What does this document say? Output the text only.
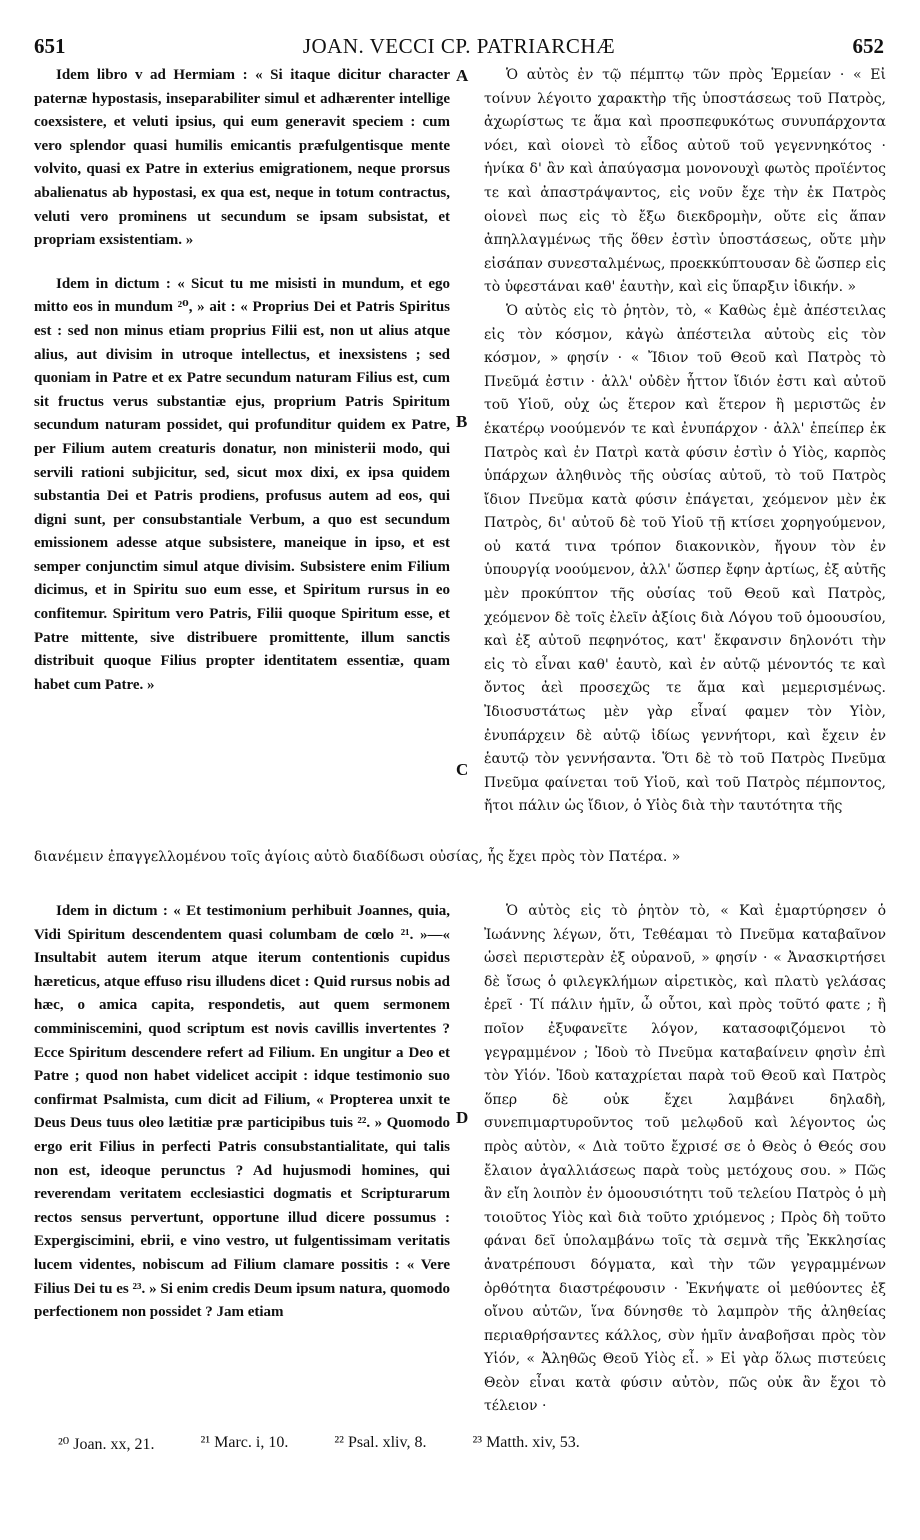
651	JOAN. VECCI CP. PATRIARCHÆ	652
A
B
C
D

Idem libro v ad Hermiam : « Si itaque dicitur character paternæ hypostasis, inseparabiliter simul et adhærenter intellige coexsistere, et veluti ipsius, qui eum generavit speciem : cum vero splendor quasi humilis emicantis præfulgentisque mente volvito, quasi ex Patre in exterius emigrationem, neque prorsus abalienatus ab hypostasi, ex qua est, neque in totum contractus, veluti vero prominens ut secundum se ipsam subsistat, et propriam exsistentiam. »

Idem in dictum : « Sicut tu me misisti in mundum, et ego mitto eos in mundum ²⁰, » ait : « Proprius Dei et Patris Spiritus est : sed non minus etiam proprius Filii est, non ut alius atque alius, aut divisim in utroque intellectus, et inexsistens ; sed quoniam in Patre et ex Patre secundum naturam Filius est, cum sit fructus verus substantiæ ejus, proprium Patris Spiritum secundum naturam possidet, qui profunditur quidem ex Patre, per Filium autem creaturis donatur, non ministerii modo, qui servili rationi subjicitur, sed, sicut mox dixi, ex ipsa quidem substantia Dei et Patris prodiens, profusus autem ad eos, qui digni sunt, per consubstantiale Verbum, a quo est secundum emissionem adesse atque subsistere, maneique in ipso, et est semper conjunctim simul atque divisim. Subsistere enim Filium dicimus, et in Spiritu suo eum esse, et Spiritum rursus in eo confitemur. Spiritum vero Patris, Filii quoque Spiritum esse, et Patre mittente, sive distribuere promittente, illum sanctis distribuit quoque Filius propter identitatem essentiæ, quam habet cum Patre. »

Ὁ αὐτὸς ἐν τῷ πέμπτῳ τῶν πρὸς Ἑρμείαν · « Εἰ τοίνυν λέγοιτο χαρακτὴρ τῆς ὑποστάσεως τοῦ Πατρὸς, ἀχωρίστως τε ἅμα καὶ προσπεφυκότως συνυπάρχοντα νόει, καὶ οἱονεὶ τὸ εἶδος αὐτοῦ τοῦ γεγεννηκότος · ἡνίκα δ' ἂν καὶ ἀπαύγασμα μονονουχὶ φωτὸς προϊέντος τε καὶ ἀπαστράψαντος, εἰς νοῦν ἔχε τὴν ἐκ Πατρὸς οἱονεὶ πως εἰς τὸ ἔξω διεκδρομὴν, οὔτε εἰς ἅπαν ἀπηλλαγμένως τῆς ὅθεν ἐστὶν ὑποστάσεως, οὔτε μὴν εἰσάπαν συνεσταλμένως, προεκκύπτουσαν δὲ ὥσπερ εἰς τὸ ὑφεστάναι καθ' ἑαυτὴν, καὶ εἰς ὕπαρξιν ἰδικήν. »

Ὁ αὐτὸς εἰς τὸ ῥητὸν, τὸ, « Καθὼς ἐμὲ ἀπέστειλας εἰς τὸν κόσμον, κἀγὼ ἀπέστειλα αὐτοὺς εἰς τὸν κόσμον, » φησίν · « Ἴδιον τοῦ Θεοῦ καὶ Πατρὸς τὸ Πνεῦμά ἐστιν · ἀλλ' οὐδὲν ἧττον ἴδιόν ἐστι καὶ αὐτοῦ τοῦ Υἱοῦ, οὐχ ὡς ἕτερον καὶ ἕτερον ἢ μεριστῶς ἐν ἑκατέρῳ νοούμενόν τε καὶ ἐνυπάρχον · ἀλλ' ἐπείπερ ἐκ Πατρὸς καὶ ἐν Πατρὶ κατὰ φύσιν ἐστὶν ὁ Υἱὸς, καρπὸς ὑπάρχων ἀληθινὸς τῆς οὐσίας αὐτοῦ, τὸ τοῦ Πατρὸς ἴδιον Πνεῦμα κατὰ φύσιν ἐπάγεται, χεόμενον μὲν ἐκ Πατρὸς, δι' αὐτοῦ δὲ τοῦ Υἱοῦ τῇ κτίσει χορηγούμενον, οὐ κατά τινα τρόπον διακονικὸν, ἤγουν τὸν ἐν ὑπουργίᾳ νοούμενον, ἀλλ' ὥσπερ ἔφην ἀρτίως, ἐξ αὐτῆς μὲν προκύπτον τῆς οὐσίας τοῦ Θεοῦ καὶ Πατρὸς, χεόμενον δὲ τοῖς ἐλεῖν ἀξίοις διὰ Λόγου τοῦ ὁμοουσίου, καὶ ἐξ αὐτοῦ πεφηνότος, κατ' ἔκφανσιν δηλονότι τὴν εἰς τὸ εἶναι καθ' ἑαυτὸ, καὶ ἐν αὐτῷ μένοντός τε καὶ ὄντος ἀεὶ προσεχῶς τε ἅμα καὶ μεμερισμένως. Ἰδιοσυστάτως μὲν γὰρ εἶναί φαμεν τὸν Υἱὸν, ἐνυπάρχειν δὲ αὐτῷ ἰδίως γεννήτορι, καὶ ἔχειν ἐν ἑαυτῷ τὸν γεννήσαντα. Ὅτι δὲ τὸ τοῦ Πατρὸς Πνεῦμα Πνεῦμα φαίνεται τοῦ Υἱοῦ, καὶ τοῦ Πατρὸς πέμποντος, ἤτοι πάλιν ὡς ἴδιον, ὁ Υἱὸς διὰ τὴν ταυτότητα τῆς

διανέμειν ἐπαγγελλομένου τοῖς ἁγίοις αὐτὸ διαδίδωσι οὐσίας, ἧς ἔχει πρὸς τὸν Πατέρα. »

Idem in dictum : « Et testimonium perhibuit Joannes, quia, Vidi Spiritum descendentem quasi columbam de cœlo ²¹. »—« Insultabit autem iterum atque iterum contentionis cupidus hæreticus, atque effuso risu illudens dicet : Quid rursus nobis ad hæc, o amica capita, respondetis, aut quem sermonem comminiscemini, quod scriptum est novis cavillis invertentes ? Ecce Spiritum descendere refert ad Filium. En ungitur a Deo et Patre ; quod non habet videlicet accipit : idque testimonio suo confirmat Psalmista, cum dicit ad Filium, « Propterea unxit te Deus Deus tuus oleo lætitiæ præ participibus tuis ²². » Quomodo ergo erit Filius in perfecti Patris consubstantialitate, qui talis non est, ideoque perunctus ? Ad hujusmodi homines, qui reverendam veritatem ecclesiastici dogmatis et Scripturarum rectos sensus pervertunt, opportune illud dicere possumus : Expergiscimini, ebrii, e vino vestro, ut fulgentissimam veritatis lucem videntes, nobiscum ad Filium clamare possitis : « Vere Filius Dei tu es ²³. » Si enim credis Deum ipsum natura, quomodo perfectionem non possidet ? Jam etiam

Ὁ αὐτὸς εἰς τὸ ῥητὸν τὸ, « Καὶ ἐμαρτύρησεν ὁ Ἰωάννης λέγων, ὅτι, Τεθέαμαι τὸ Πνεῦμα καταβαῖνον ὡσεὶ περιστερὰν ἐξ οὐρανοῦ, » φησίν · « Ἀνασκιρτήσει δὲ ἴσως ὁ φιλεγκλήμων αἱρετικὸς, καὶ πλατὺ γελάσας ἐρεῖ · Τί πάλιν ἡμῖν, ὦ οὗτοι, καὶ πρὸς τοῦτό φατε ; ἢ ποῖον ἐξυφανεῖτε λόγον, κατασοφιζόμενοι τὸ γεγραμμένον ; Ἰδοὺ τὸ Πνεῦμα καταβαίνειν φησὶν ἐπὶ τὸν Υἱόν. Ἰδοὺ καταχρίεται παρὰ τοῦ Θεοῦ καὶ Πατρὸς ὅπερ δὲ οὐκ ἔχει λαμβάνει δηλαδὴ, συνεπιμαρτυροῦντος τοῦ μελῳδοῦ καὶ λέγοντος ὡς πρὸς αὐτὸν, « Διὰ τοῦτο ἔχρισέ σε ὁ Θεὸς ὁ Θεός σου ἔλαιον ἀγαλλιάσεως παρὰ τοὺς μετόχους σου. » Πῶς ἂν εἴη λοιπὸν ἐν ὁμοουσιότητι τοῦ τελείου Πατρὸς ὁ μὴ τοιοῦτος Υἱὸς καὶ διὰ τοῦτο χριόμενος ; Πρὸς δὴ τοῦτο φάναι δεῖ ὑπολαμβάνω τοῖς τὰ σεμνὰ τῆς Ἐκκλησίας ἀνατρέπουσι δόγματα, καὶ τὴν τῶν γεγραμμένων ὀρθότητα διαστρέφουσιν · Ἐκνήψατε οἱ μεθύοντες ἐξ οἴνου αὐτῶν, ἵνα δύνησθε τὸ λαμπρὸν τῆς ἀληθείας περιαθρήσαντες κάλλος, σὺν ἡμῖν ἀναβοῆσαι πρὸς τὸν Υἱόν, « Ἀληθῶς Θεοῦ Υἱὸς εἶ. » Εἰ γὰρ ὅλως πιστεύεις Θεὸν εἶναι κατὰ φύσιν αὐτὸν, πῶς οὐκ ἂν ἔχοι τὸ τέλειον ·

²⁰ Joan. xx, 21.	²¹ Marc. i, 10.	²² Psal. xliv, 8.	²³ Matth. xiv, 53.
